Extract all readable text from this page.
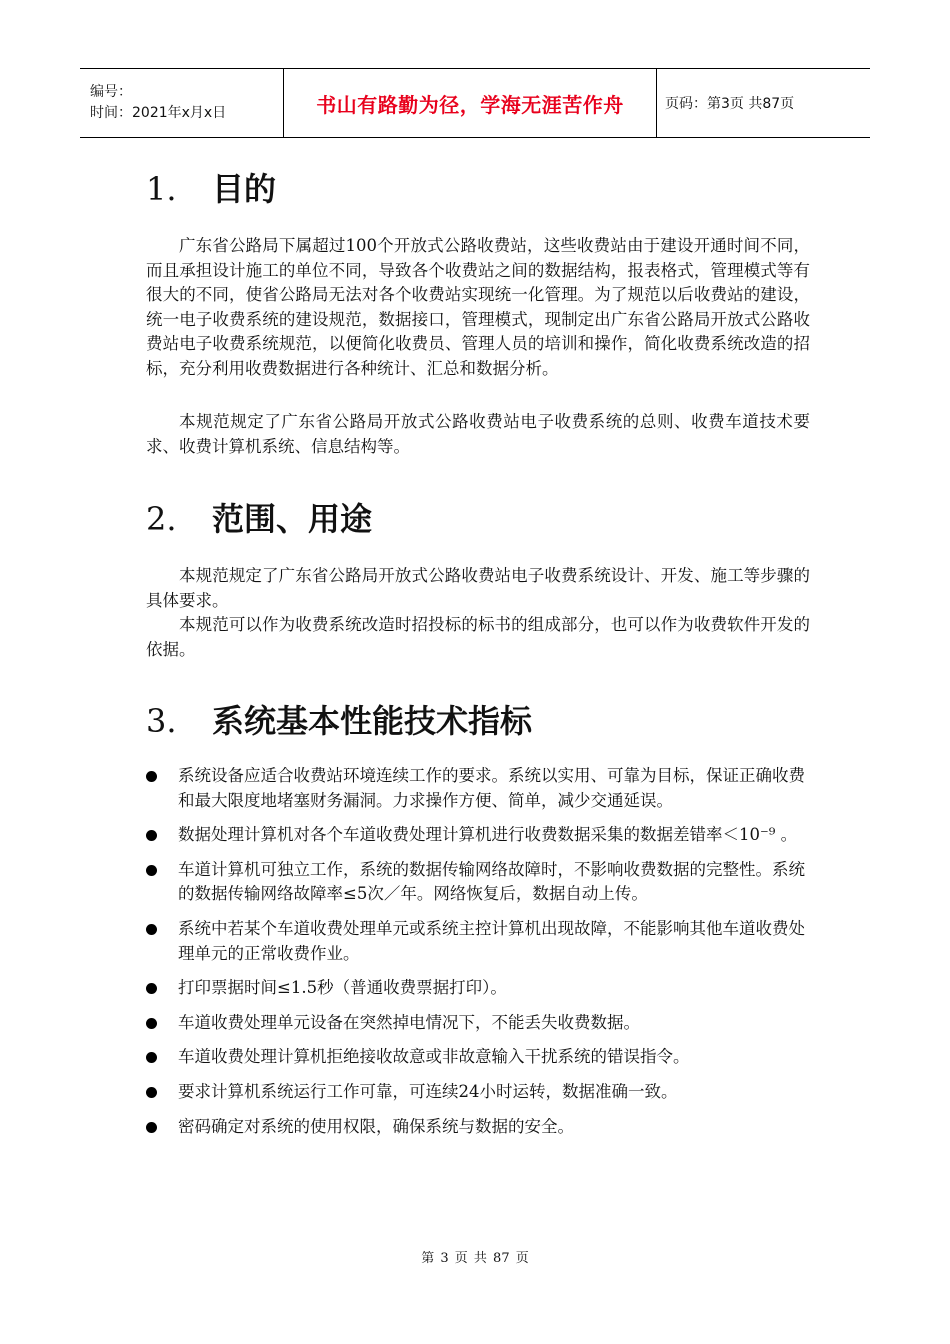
编号：
时间：2021年x月x日	书山有路勤为径，学海无涯苦作舟	页码：第3页 共87页
1.	目的

广东省公路局下属超过100个开放式公路收费站，这些收费站由于建设开通时间不同，而且承担设计施工的单位不同，导致各个收费站之间的数据结构，报表格式，管理模式等有很大的不同，使省公路局无法对各个收费站实现统一化管理。为了规范以后收费站的建设，统一电子收费系统的建设规范，数据接口，管理模式，现制定出广东省公路局开放式公路收费站电子收费系统规范，以便简化收费员、管理人员的培训和操作，简化收费系统改造的招标，充分利用收费数据进行各种统计、汇总和数据分析。

本规范规定了广东省公路局开放式公路收费站电子收费系统的总则、收费车道技术要求、收费计算机系统、信息结构等。

2.	范围、用途

本规范规定了广东省公路局开放式公路收费站电子收费系统设计、开发、施工等步骤的具体要求。

本规范可以作为收费系统改造时招投标的标书的组成部分，也可以作为收费软件开发的依据。

3.	系统基本性能技术指标
系统设备应适合收费站环境连续工作的要求。系统以实用、可靠为目标，保证正确收费和最大限度地堵塞财务漏洞。力求操作方便、简单，减少交通延误。
数据处理计算机对各个车道收费处理计算机进行收费数据采集的数据差错率＜10⁻⁹ 。
车道计算机可独立工作，系统的数据传输网络故障时，不影响收费数据的完整性。系统的数据传输网络故障率≤5次／年。网络恢复后，数据自动上传。
系统中若某个车道收费处理单元或系统主控计算机出现故障，不能影响其他车道收费处理单元的正常收费作业。
打印票据时间≤1.5秒（普通收费票据打印）。
车道收费处理单元设备在突然掉电情况下，不能丢失收费数据。
车道收费处理计算机拒绝接收故意或非故意输入干扰系统的错误指令。
要求计算机系统运行工作可靠，可连续24小时运转，数据准确一致。
密码确定对系统的使用权限，确保系统与数据的安全。
第 3 页 共 87 页
